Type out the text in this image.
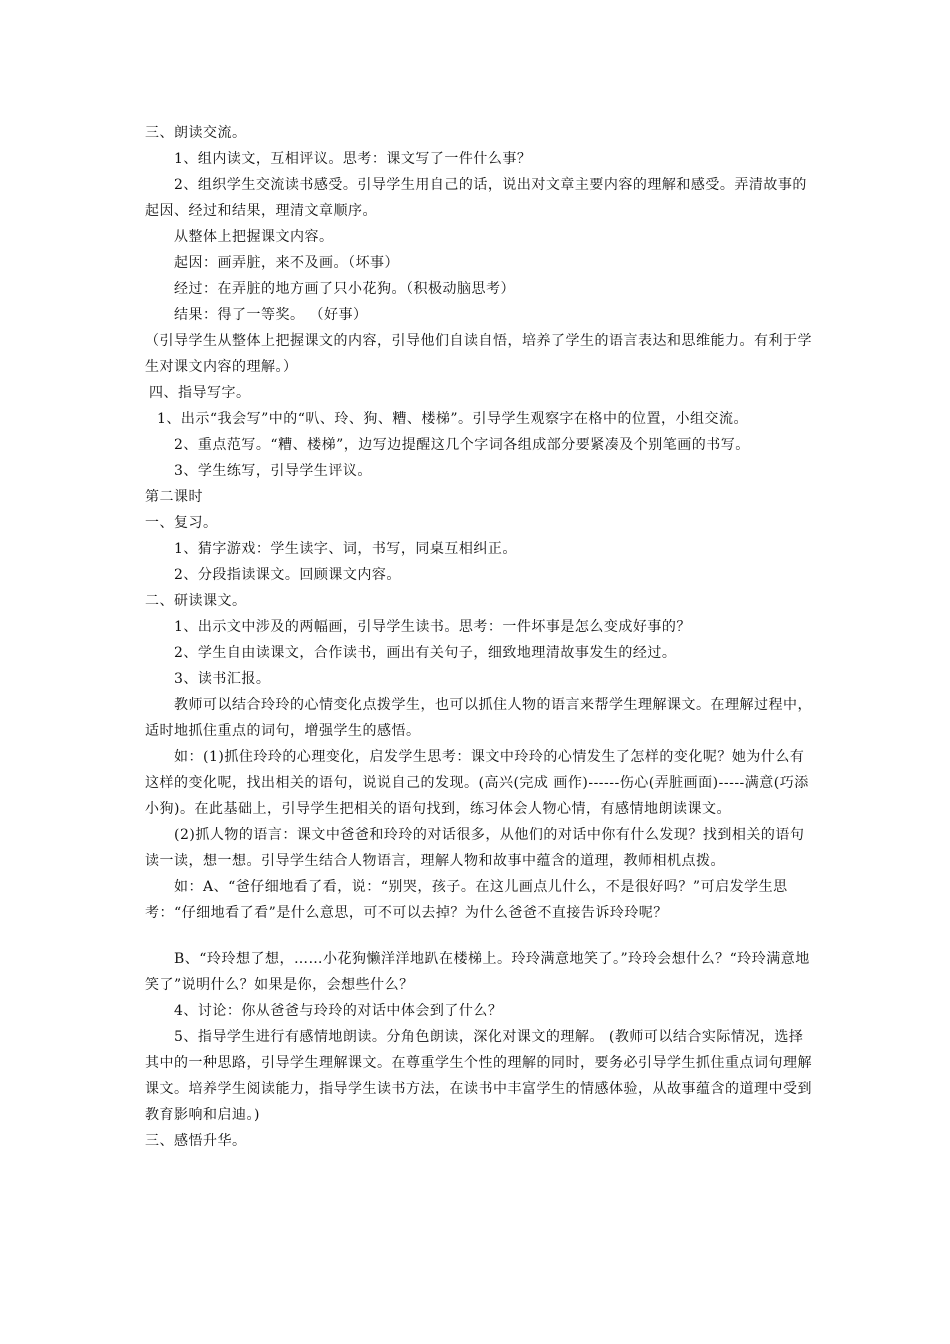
三、朗读交流。

1、组内读文，互相评议。思考：课文写了一件什么事？

2、组织学生交流读书感受。引导学生用自己的话，说出对文章主要内容的理解和感受。弄清故事的起因、经过和结果，理清文章顺序。

从整体上把握课文内容。

起因：画弄脏，来不及画。（坏事）

经过：在弄脏的地方画了只小花狗。（积极动脑思考）

结果：得了一等奖。 （好事）

（引导学生从整体上把握课文的内容，引导他们自读自悟，培养了学生的语言表达和思维能力。有利于学生对课文内容的理解。）

四、指导写字。

1、出示“我会写”中的“叭、玲、狗、糟、楼梯”。引导学生观察字在格中的位置，小组交流。

2、重点范写。“糟、楼梯”，边写边提醒这几个字词各组成部分要紧凑及个别笔画的书写。

3、学生练写，引导学生评议。

第二课时

一、复习。

1、猜字游戏：学生读字、词，书写，同桌互相纠正。

2、分段指读课文。回顾课文内容。

二、研读课文。

1、出示文中涉及的两幅画，引导学生读书。思考：一件坏事是怎么变成好事的？

2、学生自由读课文，合作读书，画出有关句子，细致地理清故事发生的经过。

3、读书汇报。

教师可以结合玲玲的心情变化点拨学生，也可以抓住人物的语言来帮学生理解课文。在理解过程中，适时地抓住重点的词句，增强学生的感悟。

如：(1)抓住玲玲的心理变化，启发学生思考：课文中玲玲的心情发生了怎样的变化呢？她为什么有这样的变化呢，找出相关的语句，说说自己的发现。(高兴(完成 画作)------伤心(弄脏画面)-----满意(巧添小狗)。在此基础上，引导学生把相关的语句找到，练习体会人物心情，有感情地朗读课文。

(2)抓人物的语言：课文中爸爸和玲玲的对话很多，从他们的对话中你有什么发现？找到相关的语句读一读，想一想。引导学生结合人物语言，理解人物和故事中蕴含的道理，教师相机点拨。

如：A、“爸仔细地看了看，说：“别哭，孩子。在这儿画点儿什么，不是很好吗？”可启发学生思考：“仔细地看了看”是什么意思，可不可以去掉？为什么爸爸不直接告诉玲玲呢？

B、“玲玲想了想，……小花狗懒洋洋地趴在楼梯上。玲玲满意地笑了。”玲玲会想什么？“玲玲满意地笑了”说明什么？如果是你，会想些什么？

4、讨论：你从爸爸与玲玲的对话中体会到了什么？

5、指导学生进行有感情地朗读。分角色朗读，深化对课文的理解。 (教师可以结合实际情况，选择其中的一种思路，引导学生理解课文。在尊重学生个性的理解的同时，要务必引导学生抓住重点词句理解课文。培养学生阅读能力，指导学生读书方法，在读书中丰富学生的情感体验，从故事蕴含的道理中受到教育影响和启迪。)

三、感悟升华。
